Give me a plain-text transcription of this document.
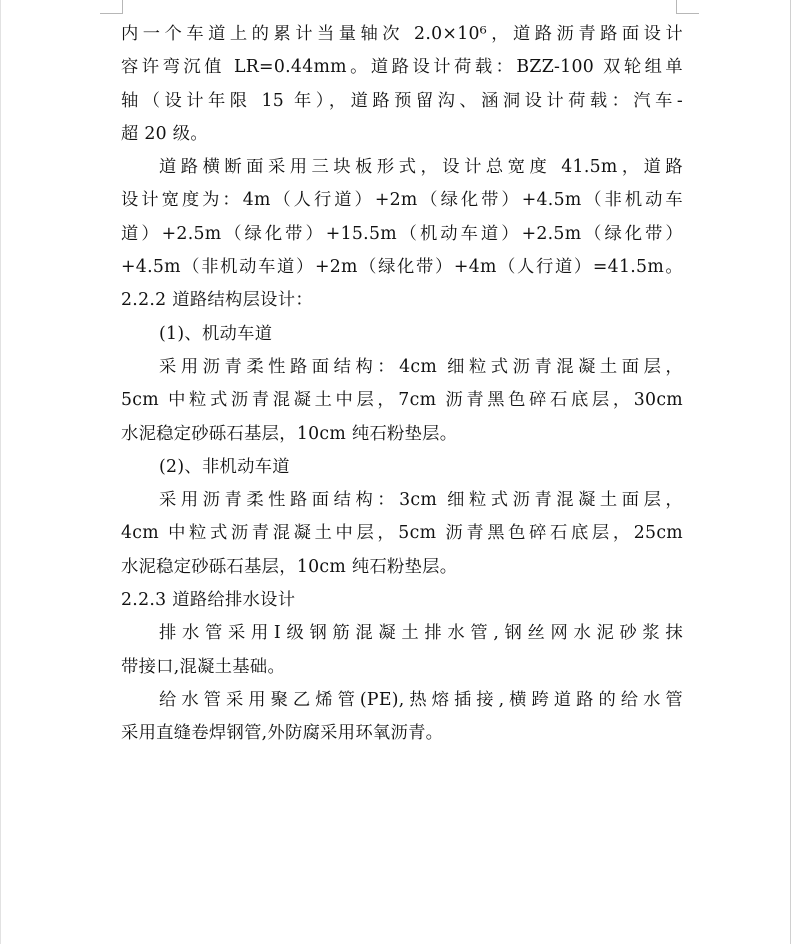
内一个车道上的累计当量轴次 2.0×10⁶，道路沥青路面设计
容许弯沉值 LR=0.44mm。道路设计荷载：BZZ-100 双轮组单
轴（设计年限 15 年），道路预留沟、涵洞设计荷载：汽车-
超 20 级。
道路横断面采用三块板形式，设计总宽度 41.5m，道路
设计宽度为：4m（人行道）+2m（绿化带）+4.5m（非机动车
道）+2.5m（绿化带）+15.5m（机动车道）+2.5m（绿化带）
+4.5m（非机动车道）+2m（绿化带）+4m（人行道）=41.5m。
2.2.2 道路结构层设计：
(1)、机动车道
采用沥青柔性路面结构：4cm 细粒式沥青混凝土面层，
5cm 中粒式沥青混凝土中层，7cm 沥青黑色碎石底层，30cm
水泥稳定砂砾石基层，10cm 纯石粉垫层。
(2)、非机动车道
采用沥青柔性路面结构：3cm 细粒式沥青混凝土面层，
4cm 中粒式沥青混凝土中层，5cm 沥青黑色碎石底层，25cm
水泥稳定砂砾石基层，10cm 纯石粉垫层。
2.2.3 道路给排水设计
排水管采用Ⅰ级钢筋混凝土排水管,钢丝网水泥砂浆抹
带接口,混凝土基础。
给水管采用聚乙烯管(PE),热熔插接,横跨道路的给水管
采用直缝卷焊钢管,外防腐采用环氧沥青。
